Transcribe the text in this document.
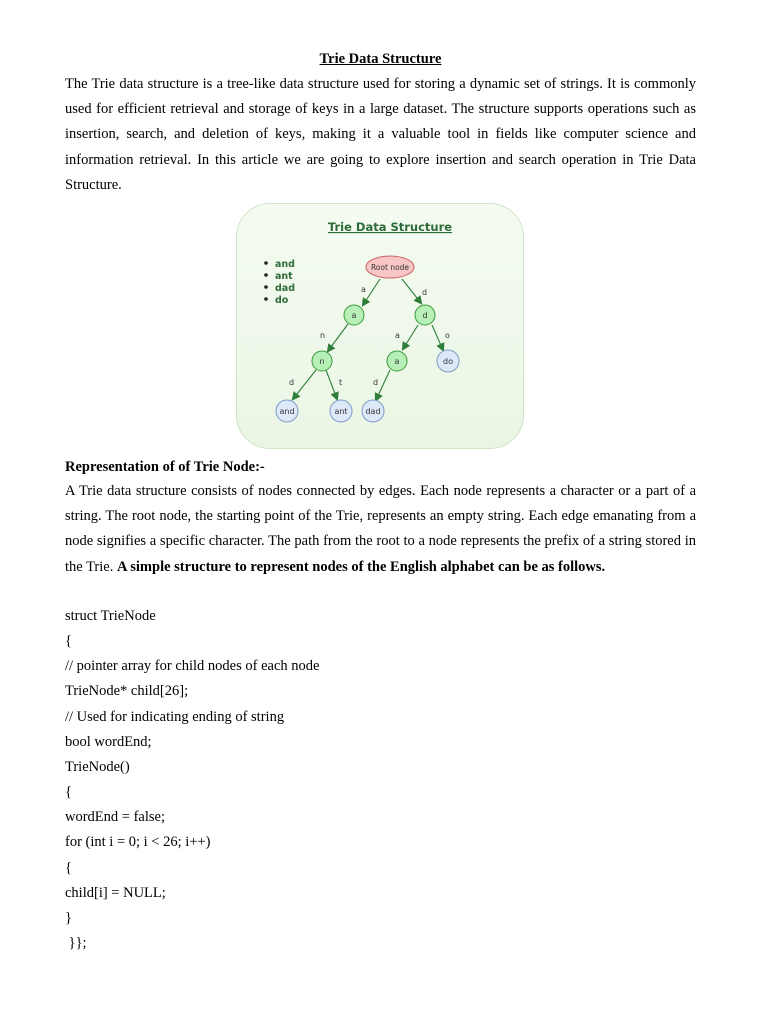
Trie Data Structure

The Trie data structure is a tree-like data structure used for storing a dynamic set of strings. It is commonly used for efficient retrieval and storage of keys in a large dataset. The structure supports operations such as insertion, search, and deletion of keys, making it a valuable tool in fields like computer science and information retrieval. In this article we are going to explore insertion and search operation in Trie Data Structure.

Trie Data Structure
and
ant
dad
do
a	d
n	a	o
d	t	d
Root node
a	d
n	a	do
and	ant dad
Representation of of Trie Node:-

A Trie data structure consists of nodes connected by edges. Each node represents a character or a part of a string. The root node, the starting point of the Trie, represents an empty string. Each edge emanating from a node signifies a specific character. The path from the root to a node represents the prefix of a string stored in the Trie. A simple structure to represent nodes of the English alphabet can be as follows.

struct TrieNode
{
// pointer array for child nodes of each node
TrieNode* child[26];
// Used for indicating ending of string
bool wordEnd;
TrieNode()
{
wordEnd = false;
for (int i = 0; i < 26; i++)
{
child[i] = NULL;
}
}};
